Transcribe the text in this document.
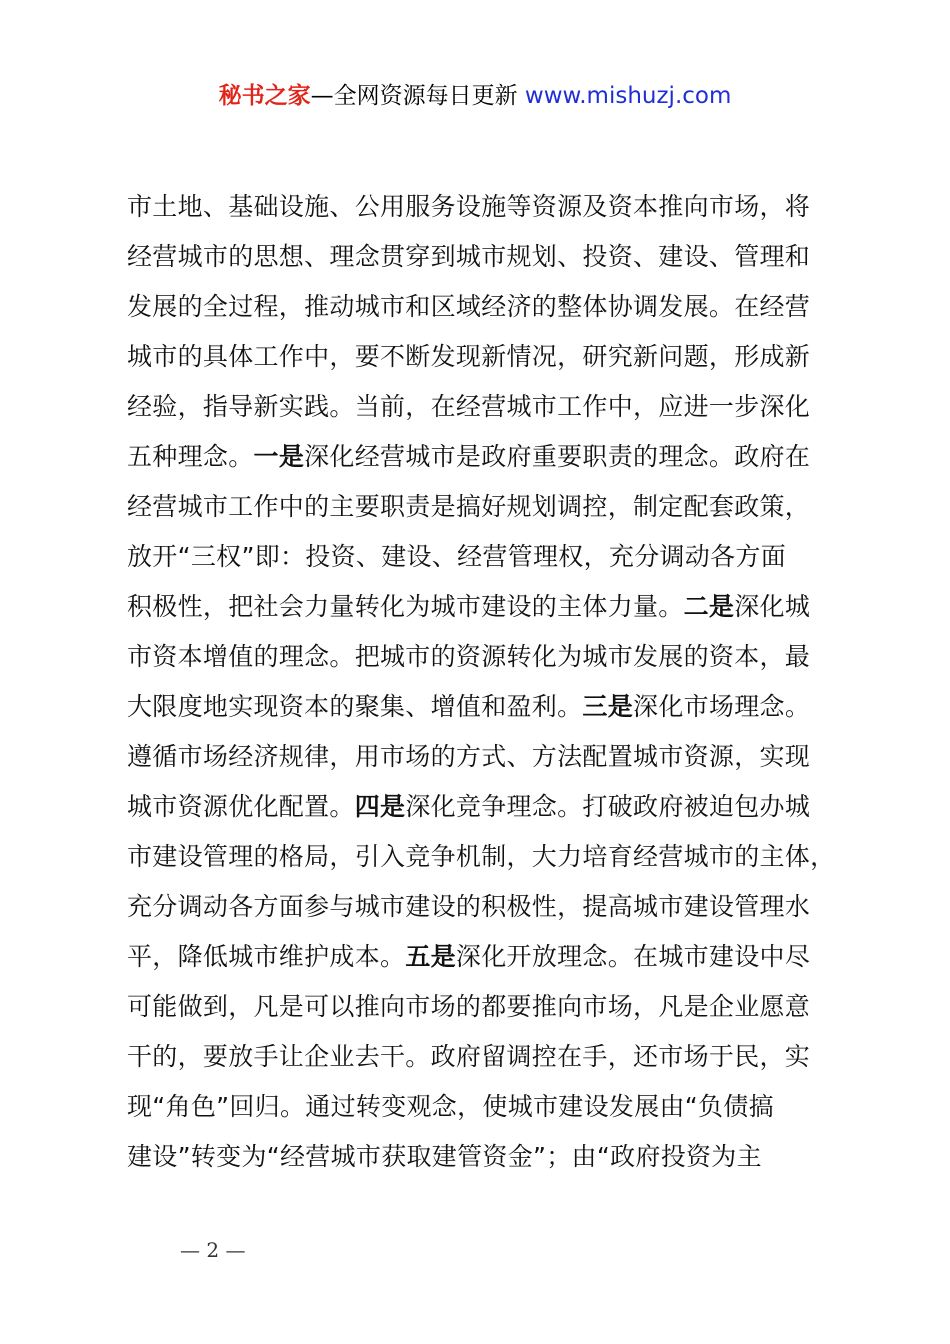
秘书之家—全网资源每日更新 www.mishuzj.com
市土地、基础设施、公用服务设施等资源及资本推向市场，将
经营城市的思想、理念贯穿到城市规划、投资、建设、管理和
发展的全过程，推动城市和区域经济的整体协调发展。在经营
城市的具体工作中，要不断发现新情况，研究新问题，形成新
经验，指导新实践。当前，在经营城市工作中，应进一步深化
五种理念。一是深化经营城市是政府重要职责的理念。政府在
经营城市工作中的主要职责是搞好规划调控，制定配套政策，
放开“三权”即：投资、建设、经营管理权，充分调动各方面
积极性，把社会力量转化为城市建设的主体力量。二是深化城
市资本增值的理念。把城市的资源转化为城市发展的资本，最
大限度地实现资本的聚集、增值和盈利。三是深化市场理念。
遵循市场经济规律，用市场的方式、方法配置城市资源，实现
城市资源优化配置。四是深化竞争理念。打破政府被迫包办城
市建设管理的格局，引入竞争机制，大力培育经营城市的主体，
充分调动各方面参与城市建设的积极性，提高城市建设管理水
平，降低城市维护成本。五是深化开放理念。在城市建设中尽
可能做到，凡是可以推向市场的都要推向市场，凡是企业愿意
干的，要放手让企业去干。政府留调控在手，还市场于民，实
现“角色”回归。通过转变观念，使城市建设发展由“负债搞
建设”转变为“经营城市获取建管资金”；由“政府投资为主
— 2 —
